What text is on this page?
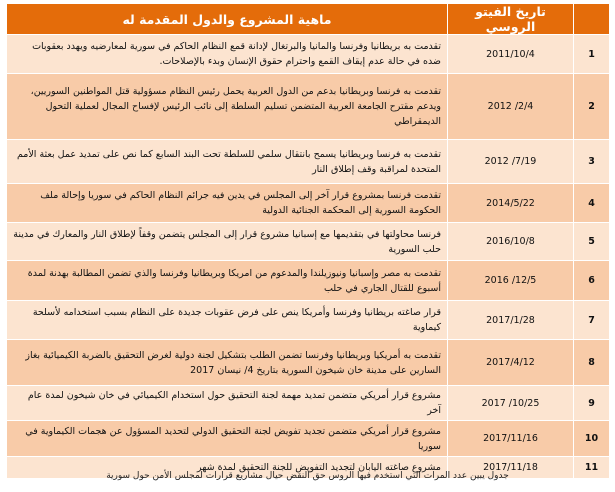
	تاريخ الفيتو الروسي	ماهية المشروع والدول المقدمة له
1	2011/10/4	تقدمت به بريطانيا وفرنسا والمانيا والبرتغال لإدانة قمع النظام الحاكم في سورية لمعارضيه ويهدد بعقوبات ضده في حالة عدم إيقاف القمع واحترام حقوق الإنسان وبدء بالإصلاحات.
2	2012 /2/4	تقدمت به فرنسا وبريطانيا بدعم من الدول العربية يحمل رئيس النظام مسؤولية قتل المواطنين السوريين، ويدعم مقترح الجامعة العربية المتضمن تسليم السلطة إلى نائب الرئيس لإفساح المجال لعملية التحول الديمقراطي
3	2012 /7/19	تقدمت به فرنسا وبريطانيا يسمح بانتقال سلمي للسلطة تحت البند السابع كما نص على تمديد عمل بعثة الأمم المتحدة لمراقبة وقف إطلاق النار
4	2014/5/22	تقدمت فرنسا بمشروع قرار آخر إلى المجلس في يدين فيه جرائم النظام الحاكم في سوريا وإحالة ملف الحكومة السورية إلى المحكمة الجنائية الدولية
5	2016/10/8	فرنسا محاولتها في بتقديمها مع إسبانيا مشروع قرار إلى المجلس يتضمن وقفاً لإطلاق النار والمعارك في مدينة حلب السورية
6	2016 /12/5	تقدمت به مصر وإسبانيا ونيوزيلندا والمدعوم من امريكا وبريطانيا وفرنسا والذي تضمن المطالبة بهدنة لمدة أسبوع للقتال الجاري في حلب
7	2017/1/28	قرار صاغته بريطانيا وفرنسا وأمريكا ينص على فرض عقوبات جديدة على النظام بسبب استخدامه لأسلحة كيماوية
8	2017/4/12	تقدمت به أمريكيا وبريطانيا وفرنسا تضمن الطلب بتشكيل لجنة دولية لغرض التحقيق بالضربة الكيميائية بغاز السارين على مدينة خان شيخون السورية بتاريخ 4/ نيسان 2017
9	2017 /10/25	مشروع قرار أمريكي متضمن تمديد مهمة لجنة التحقيق حول استخدام الكيميائي في خان شيخون لمدة عام آخر
10	2017/11/16	مشروع قرار أمريكي متضمن تجديد تفويض لجنة التحقيق الدولي لتحديد المسؤول عن هجمات الكيماوية في سوريا
11	2017/11/18	مشروع صاغته اليابان لتجديد التفويض للجنة التحقيق لمدة شهر
جدول يبين عدد المرات التي استخدم فيها الروس حق النقض حيال مشاريع قرارات لمجلس الأمن حول سورية
